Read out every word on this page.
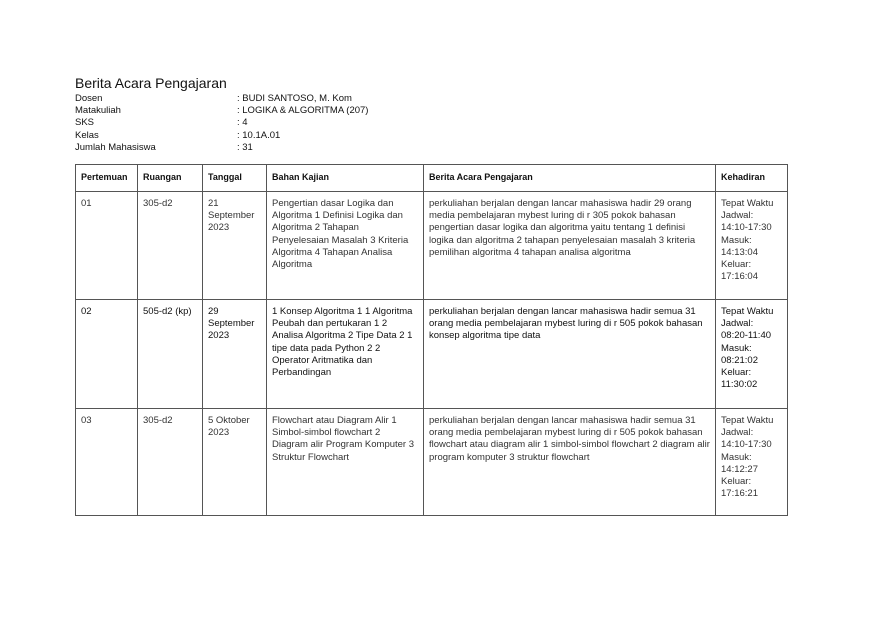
Berita Acara Pengajaran
Dosen	: BUDI SANTOSO, M. Kom
Matakuliah	: LOGIKA & ALGORITMA (207)
SKS	: 4
Kelas	: 10.1A.01
Jumlah Mahasiswa	: 31
Pertemuan	Ruangan	Tanggal	Bahan Kajian	Berita Acara Pengajaran	Kehadiran

01	305-d2	21 September 2023	Pengertian dasar Logika dan Algoritma 1 Definisi Logika dan Algoritma 2 Tahapan Penyelesaian Masalah 3 Kriteria Algoritma 4 Tahapan Analisa Algoritma	perkuliahan berjalan dengan lancar mahasiswa hadir 29 orang media pembelajaran mybest luring di r 305 pokok bahasan pengertian dasar logika dan algoritma yaitu tentang 1 definisi logika dan algoritma 2 tahapan penyelesaian masalah 3 kriteria pemilihan algoritma 4 tahapan analisa algoritma	Tepat Waktu Jadwal: 14:10-17:30 Masuk: 14:13:04 Keluar: 17:16:04

02	505-d2 (kp)	29 September 2023	1 Konsep Algoritma 1 1 Algoritma Peubah dan pertukaran 1 2 Analisa Algoritma 2 Tipe Data 2 1 tipe data pada Python 2 2 Operator Aritmatika dan Perbandingan	perkuliahan berjalan dengan lancar mahasiswa hadir semua 31 orang media pembelajaran mybest luring di r 505 pokok bahasan konsep algoritma tipe data	Tepat Waktu Jadwal: 08:20-11:40 Masuk: 08:21:02 Keluar: 11:30:02

03	305-d2	5 Oktober 2023	Flowchart atau Diagram Alir 1 Simbol-simbol flowchart 2 Diagram alir Program Komputer 3 Struktur Flowchart	perkuliahan berjalan dengan lancar mahasiswa hadir semua 31 orang media pembelajaran mybest luring di r 505 pokok bahasan flowchart atau diagram alir 1 simbol-simbol flowchart 2 diagram alir program komputer 3 struktur flowchart	Tepat Waktu Jadwal: 14:10-17:30 Masuk: 14:12:27 Keluar: 17:16:21
